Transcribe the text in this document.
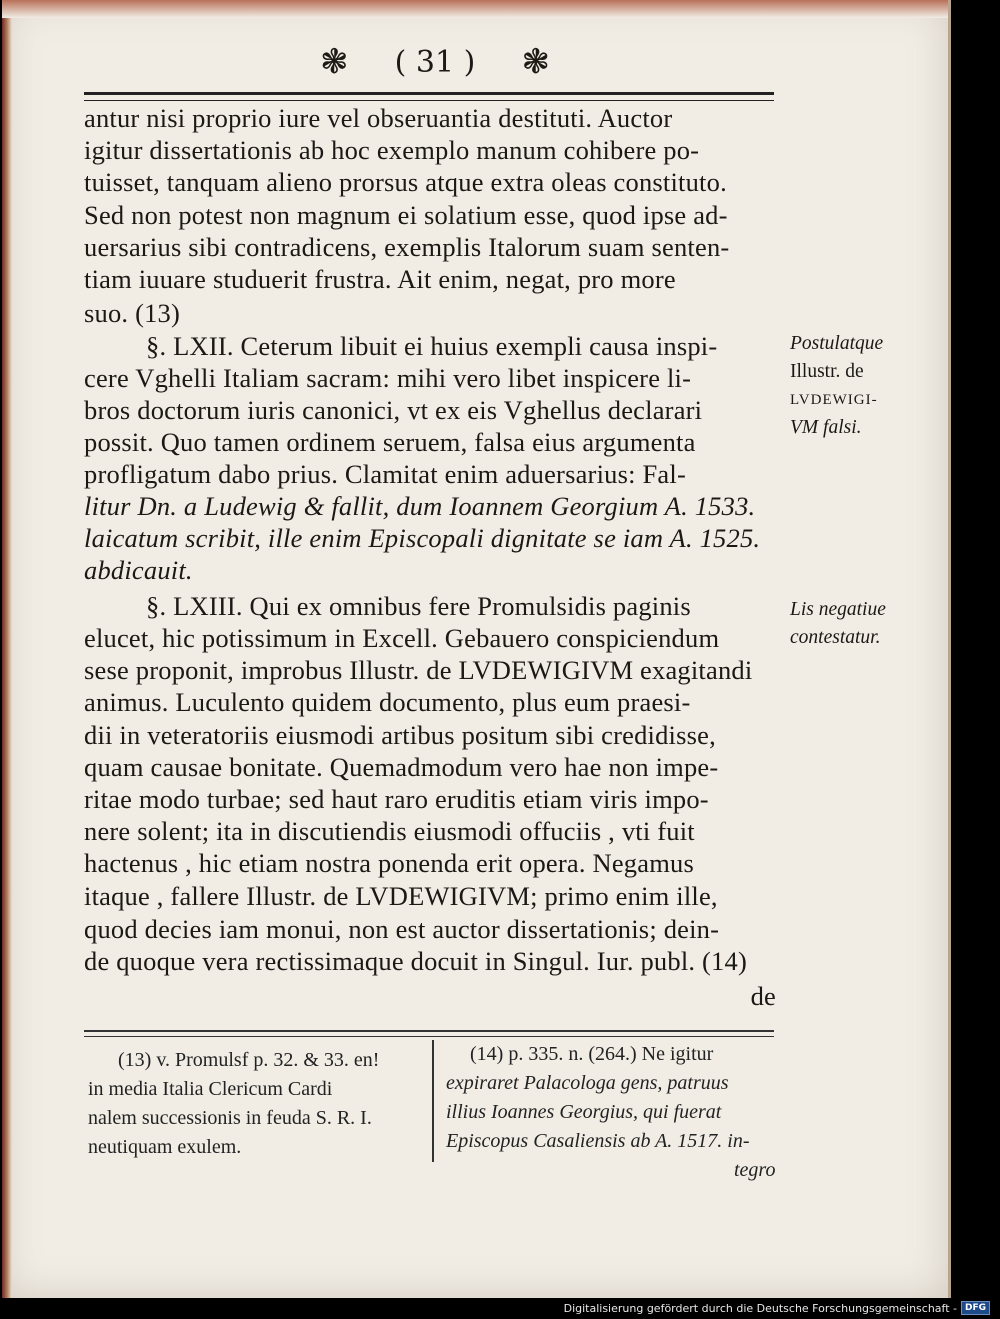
❃ ( 31 ) ❃
antur nisi proprio iure vel obseruantia destituti. Auctor
igitur dissertationis ab hoc exemplo manum cohibere po-
tuisset, tanquam alieno prorsus atque extra oleas constituto.
Sed non potest non magnum ei solatium esse, quod ipse ad-
uersarius sibi contradicens, exemplis Italorum suam senten-
tiam iuuare studuerit frustra. Ait enim, negat, pro more
suo. (13)
§. LXII. Ceterum libuit ei huius exempli causa inspi-
cere Vghelli Italiam sacram: mihi vero libet inspicere li-
bros doctorum iuris canonici, vt ex eis Vghellus declarari
possit. Quo tamen ordinem seruem, falsa eius argumenta
profligatum dabo prius. Clamitat enim aduersarius: Fal-
litur Dn. a Ludewig & fallit, dum Ioannem Georgium A. 1533.
laicatum scribit, ille enim Episcopali dignitate se iam A. 1525.
abdicauit.
§. LXIII. Qui ex omnibus fere Promulsidis paginis
elucet, hic potissimum in Excell. Gebauero conspiciendum
sese proponit, improbus Illustr. de LVDEWIGIVM exagitandi
animus. Luculento quidem documento, plus eum praesi-
dii in veteratoriis eiusmodi artibus positum sibi credidisse,
quam causae bonitate. Quemadmodum vero hae non impe-
ritae modo turbae; sed haut raro eruditis etiam viris impo-
nere solent; ita in discutiendis eiusmodi offuciis , vti fuit
hactenus , hic etiam nostra ponenda erit opera. Negamus
itaque , fallere Illustr. de LVDEWIGIVM; primo enim ille,
quod decies iam monui, non est auctor dissertationis; dein-
de quoque vera rectissimaque docuit in Singul. Iur. publ. (14)
de
Postulatque
Illustr. de
LVDEWIGI-
VM falsi.
Lis negatiue
contestatur.
(13) v. Promulsf p. 32. & 33. en!
in media Italia Clericum Cardi
nalem successionis in feuda S. R. I.
neutiquam exulem.
(14) p. 335. n. (264.) Ne igitur
expiraret Palacologa gens, patruus
illius Ioannes Georgius, qui fuerat
Episcopus Casaliensis ab A. 1517. in-
tegro
Digitalisierung gefördert durch die Deutsche Forschungsgemeinschaft - DFG
